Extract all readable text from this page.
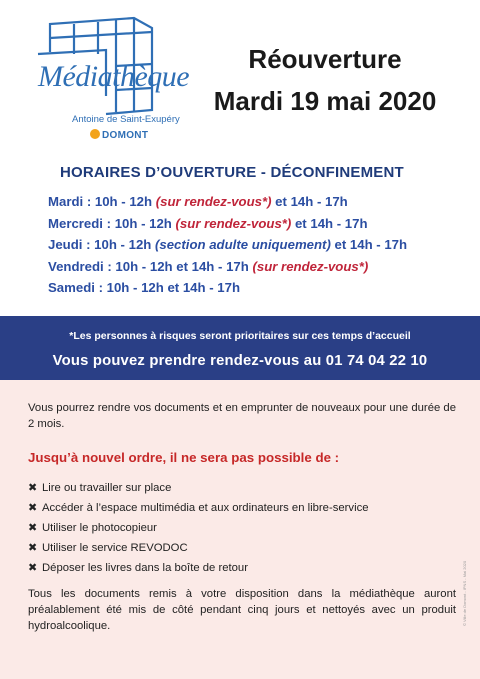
Médiathèque
Antoine de Saint-Exupéry
DOMONT
Réouverture
Mardi 19 mai 2020
HORAIRES D’OUVERTURE - DÉCONFINEMENT
Mardi : 10h - 12h (sur rendez-vous*) et 14h - 17h
Mercredi : 10h - 12h (sur rendez-vous*) et 14h - 17h
Jeudi : 10h - 12h (section adulte uniquement) et 14h - 17h
Vendredi : 10h - 12h et 14h - 17h (sur rendez-vous*)
Samedi : 10h - 12h et 14h - 17h
*Les personnes à risques seront prioritaires sur ces temps d’accueil
Vous pouvez prendre rendez-vous au 01 74 04 22 10
Vous pourrez rendre vos documents et en emprunter de nouveaux pour une durée de 2 mois.
Jusqu’à nouvel ordre, il ne sera pas possible de :
✖ Lire ou travailler sur place
✖ Accéder à l’espace multimédia et aux ordinateurs en libre-service
✖ Utiliser le photocopieur
✖ Utiliser le service REVODOC
✖ Déposer les livres dans la boîte de retour
Tous les documents remis à votre disposition dans la médiathèque auront préalablement été mis de côté pendant cinq jours et nettoyés avec un produit hydroalcoolique.	© Ville de Domont - IPNS - Mai 2020
